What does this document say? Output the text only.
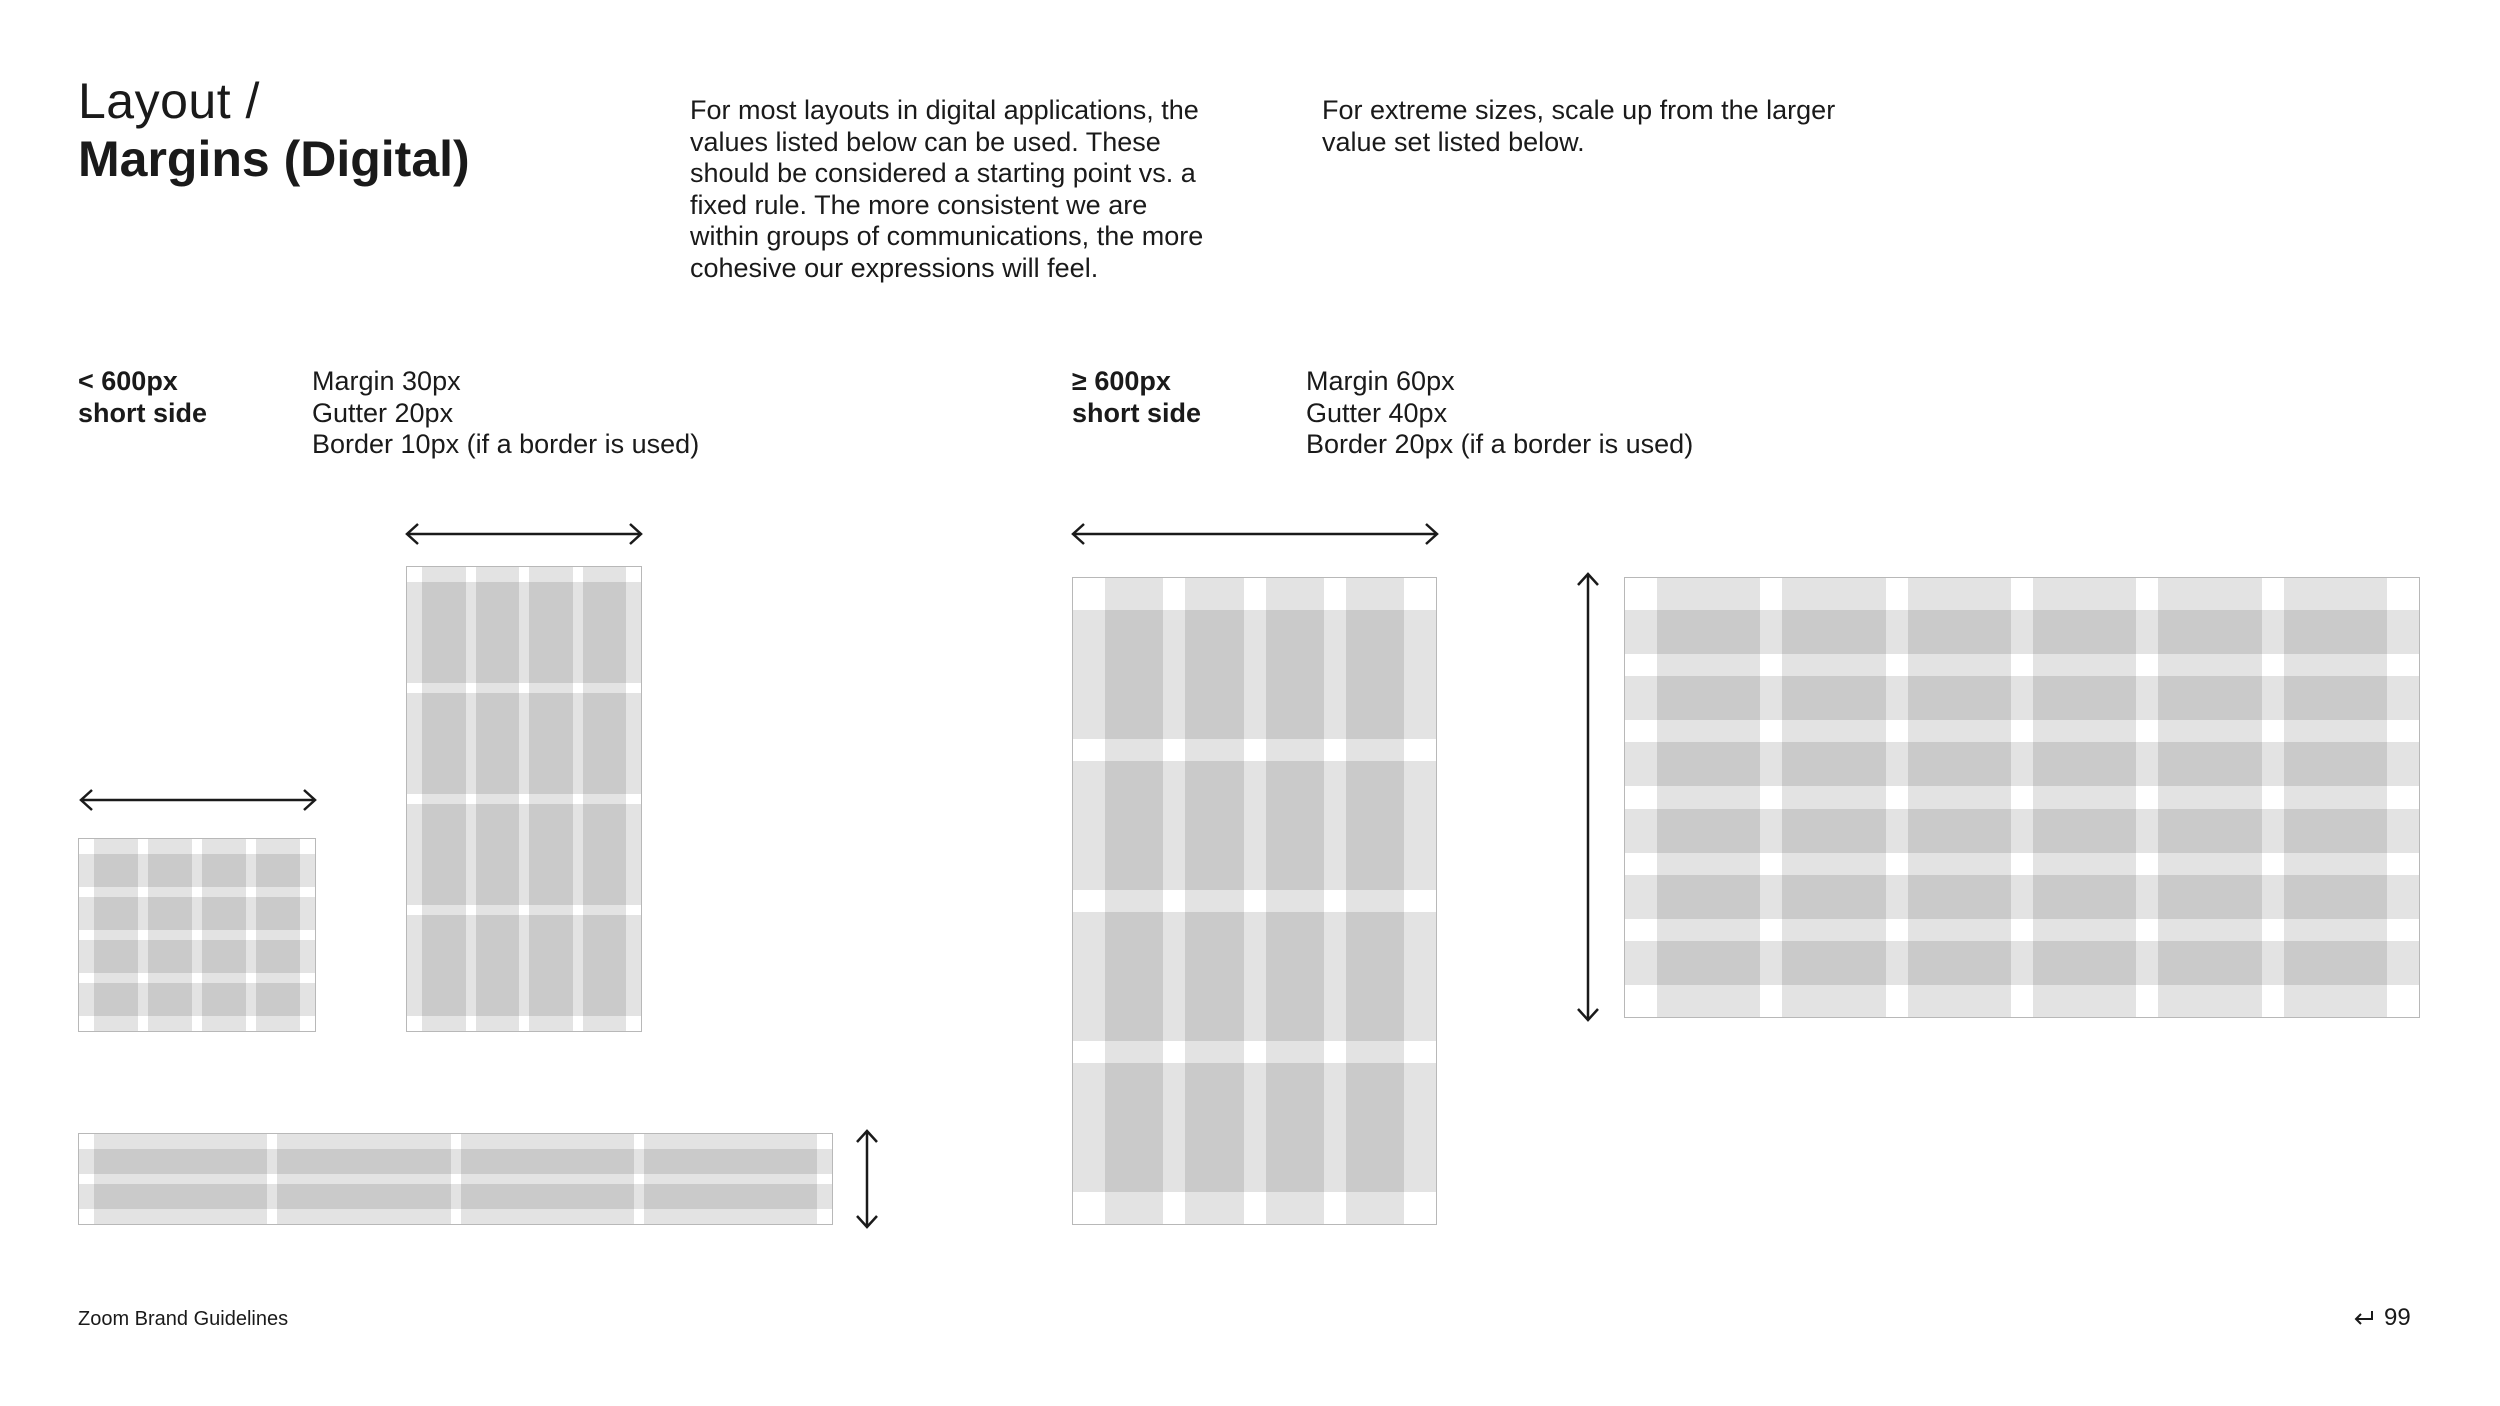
Layout /
Margins (Digital)
For most layouts in digital applications, the
values listed below can be used. These
should be considered a starting point vs. a
fixed rule. The more consistent we are
within groups of communications, the more
cohesive our expressions will feel.
For extreme sizes, scale up from the larger
value set listed below.
< 600px
short side
Margin 30px
Gutter 20px
Border 10px (if a border is used)
≥ 600px
short side
Margin 60px
Gutter 40px
Border 20px (if a border is used)
Zoom Brand Guidelines	99
